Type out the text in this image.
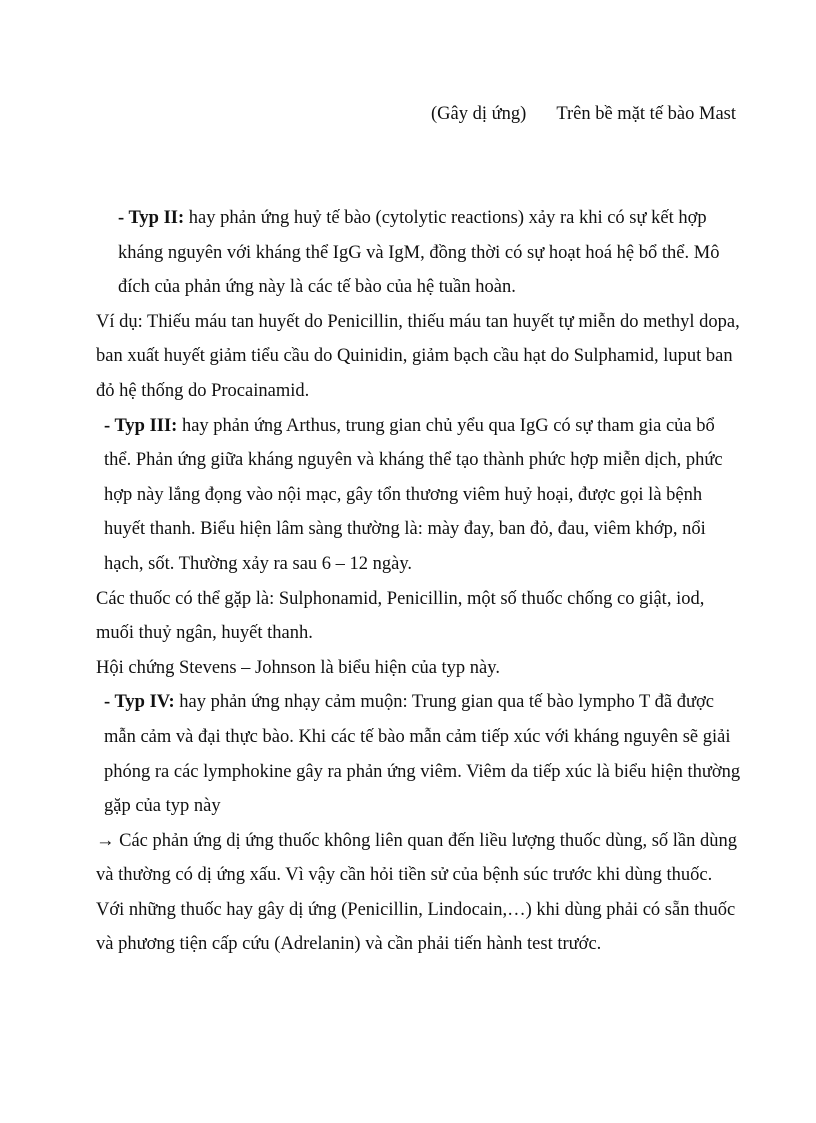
(Gây dị ứng) Trên bề mặt tế bào Mast

- Typ II: hay phản ứng huỷ tế bào (cytolytic reactions) xảy ra khi có sự kết hợp kháng nguyên với kháng thể IgG và IgM, đồng thời có sự hoạt hoá hệ bổ thể. Mô đích của phản ứng này là các tế bào của hệ tuần hoàn.

Ví dụ: Thiếu máu tan huyết do Penicillin, thiếu máu tan huyết tự miễn do methyl dopa, ban xuất huyết giảm tiểu cầu do Quinidin, giảm bạch cầu hạt do Sulphamid, luput ban đỏ hệ thống do Procainamid.

- Typ III: hay phản ứng Arthus, trung gian chủ yểu qua IgG có sự tham gia của bổ thể. Phản ứng giữa kháng nguyên và kháng thể tạo thành phức hợp miễn dịch, phức hợp này lắng đọng vào nội mạc, gây tổn thương viêm huỷ hoại, được gọi là bệnh huyết thanh. Biểu hiện lâm sàng thường là: mày đay, ban đỏ, đau, viêm khớp, nổi hạch, sốt. Thường xảy ra sau 6 – 12 ngày.

Các thuốc có thể gặp là: Sulphonamid, Penicillin, một số thuốc chống co giật, iod, muối thuỷ ngân, huyết thanh.

Hội chứng Stevens – Johnson là biểu hiện của typ này.

- Typ IV: hay phản ứng nhạy cảm muộn: Trung gian qua tế bào lympho T đã được mẫn cảm và đại thực bào. Khi các tế bào mẫn cảm tiếp xúc với kháng nguyên sẽ giải phóng ra các lymphokine gây ra phản ứng viêm. Viêm da tiếp xúc là biểu hiện thường gặp của typ này

→ Các phản ứng dị ứng thuốc không liên quan đến liều lượng thuốc dùng, số lần dùng và thường có dị ứng xấu. Vì vậy cần hỏi tiền sử của bệnh súc trước khi dùng thuốc. Với những thuốc hay gây dị ứng (Penicillin, Lindocain,…) khi dùng phải có sẵn thuốc và phương tiện cấp cứu (Adrelanin) và cần phải tiến hành test trước.
